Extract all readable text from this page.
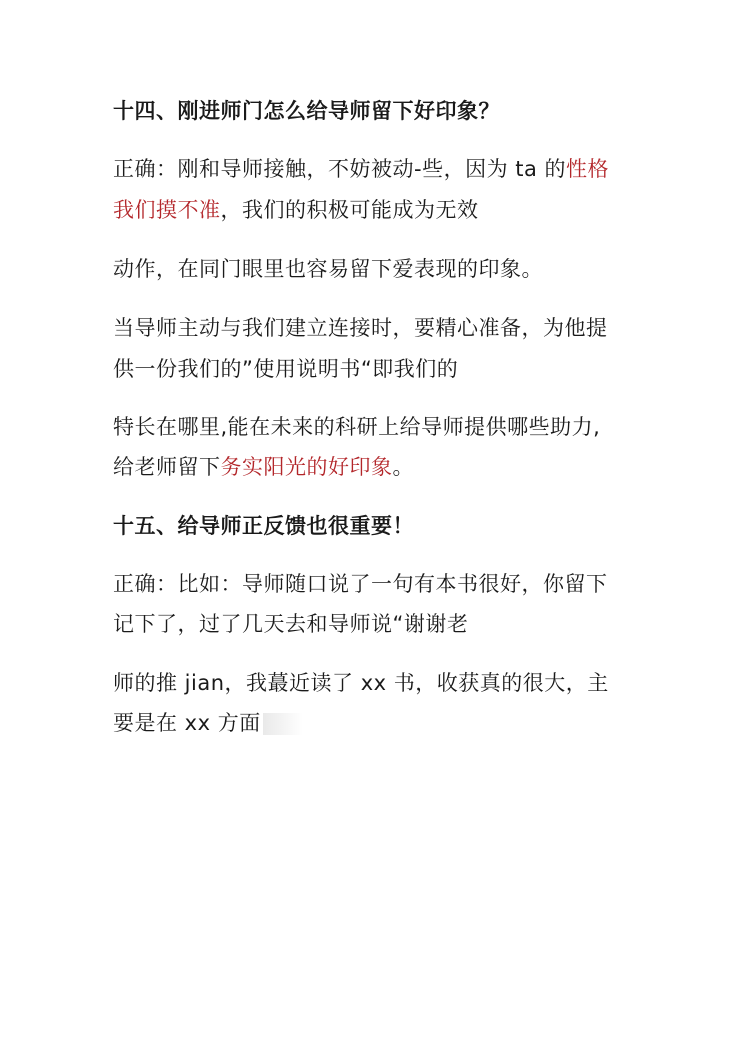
十四、刚进师门怎么给导师留下好印象？
正确：刚和导师接触，不妨被动-些，因为 ta 的性格
我们摸不准，我们的积极可能成为无效
动作，在同门眼里也容易留下爱表现的印象。
当导师主动与我们建立连接时，要精心准备，为他提
供一份我们的”使用说明书“即我们的
特长在哪里,能在未来的科研上给导师提供哪些助力,
给老师留下务实阳光的好印象。
十五、给导师正反馈也很重要！
正确：比如：导师随口说了一句有本书很好，你留下
记下了，过了几天去和导师说“谢谢老
师的推 jian，我蕞近读了 xx 书，收获真的很大，主
要是在 xx 方面
